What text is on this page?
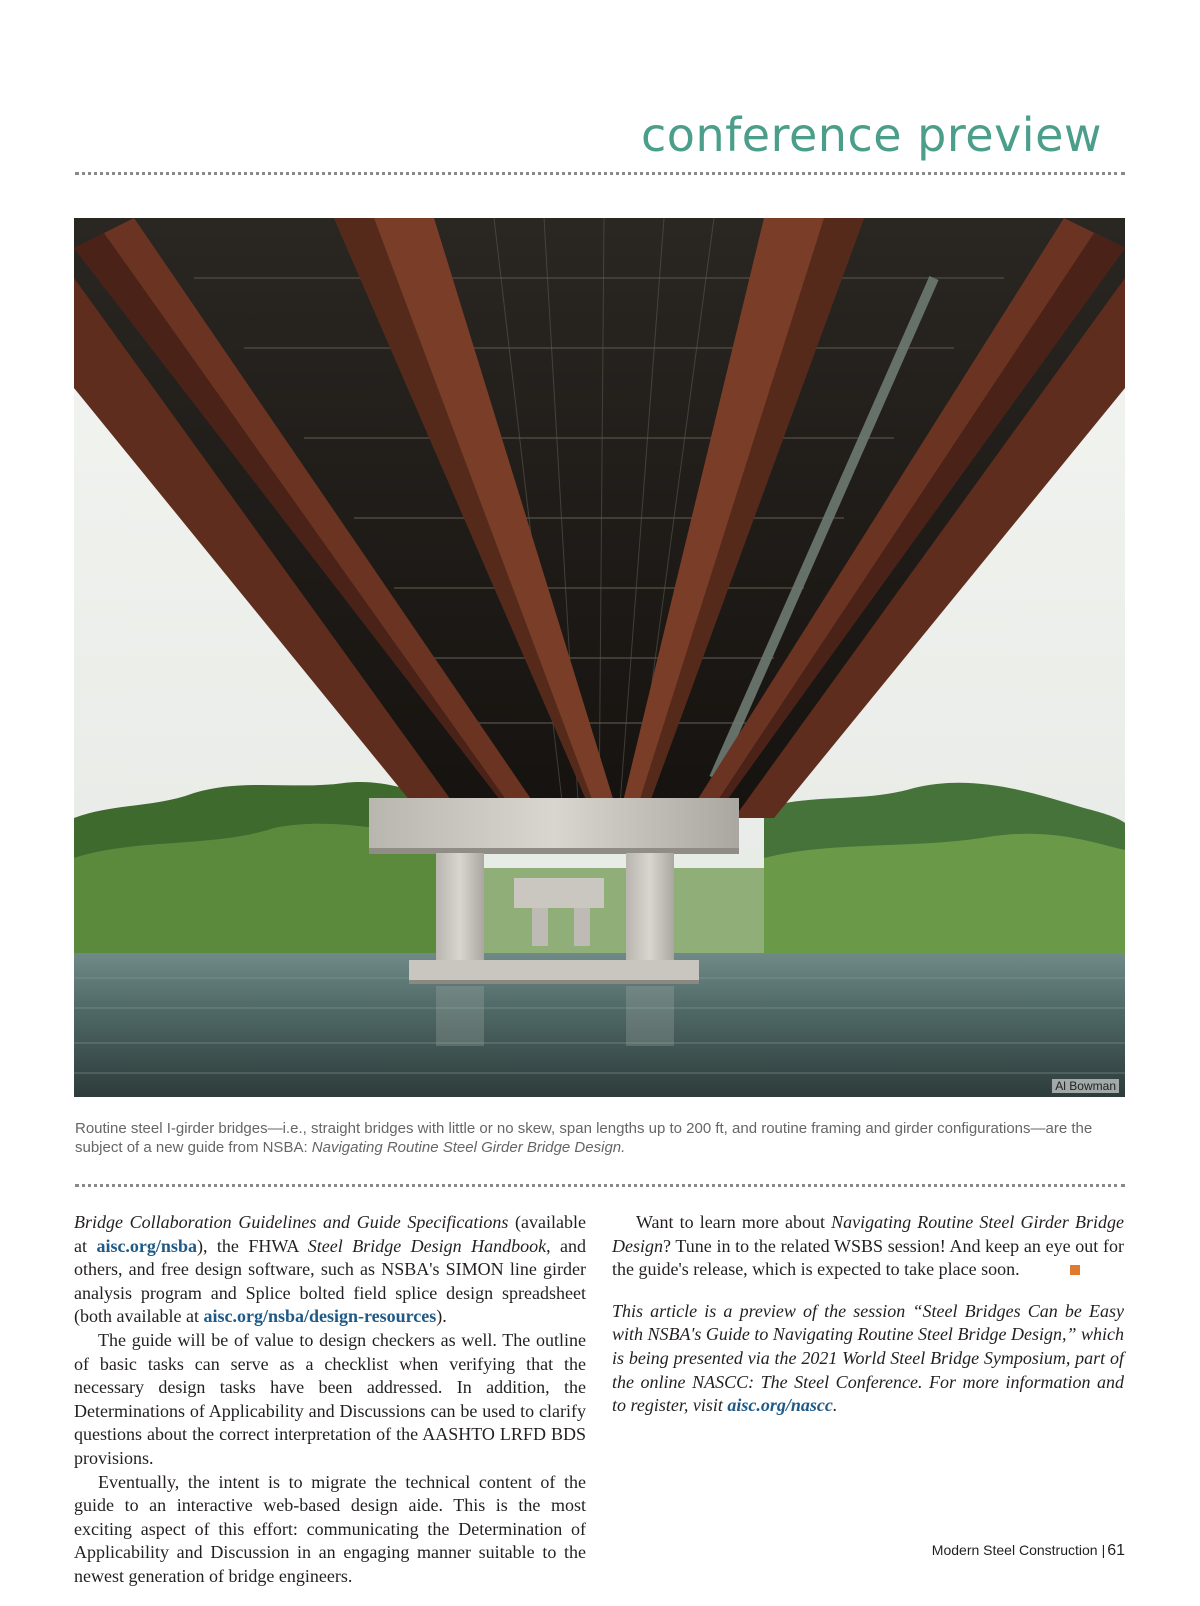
conference preview
Al Bowman
Routine steel I-girder bridges—i.e., straight bridges with little or no skew, span lengths up to 200 ft, and routine framing and girder configurations—are the subject of a new guide from NSBA: Navigating Routine Steel Girder Bridge Design.

Bridge Collaboration Guidelines and Guide Specifications (available at aisc.org/nsba), the FHWA Steel Bridge Design Handbook, and others, and free design software, such as NSBA's SIMON line girder analysis program and Splice bolted field splice design spreadsheet (both available at aisc.org/nsba/design-resources).

The guide will be of value to design checkers as well. The outline of basic tasks can serve as a checklist when verifying that the necessary design tasks have been addressed. In addition, the Determinations of Applicability and Discussions can be used to clarify questions about the correct interpretation of the AASHTO LRFD BDS provisions.

Eventually, the intent is to migrate the technical content of the guide to an interactive web-based design aide. This is the most exciting aspect of this effort: communicating the Determination of Applicability and Discussion in an engaging manner suitable to the newest generation of bridge engineers.

Want to learn more about Navigating Routine Steel Girder Bridge Design? Tune in to the related WSBS session! And keep an eye out for the guide's release, which is expected to take place soon.

This article is a preview of the session “Steel Bridges Can be Easy with NSBA's Guide to Navigating Routine Steel Bridge Design,” which is being presented via the 2021 World Steel Bridge Symposium, part of the online NASCC: The Steel Conference. For more information and to register, visit aisc.org/nascc.

Modern Steel Construction | 61
